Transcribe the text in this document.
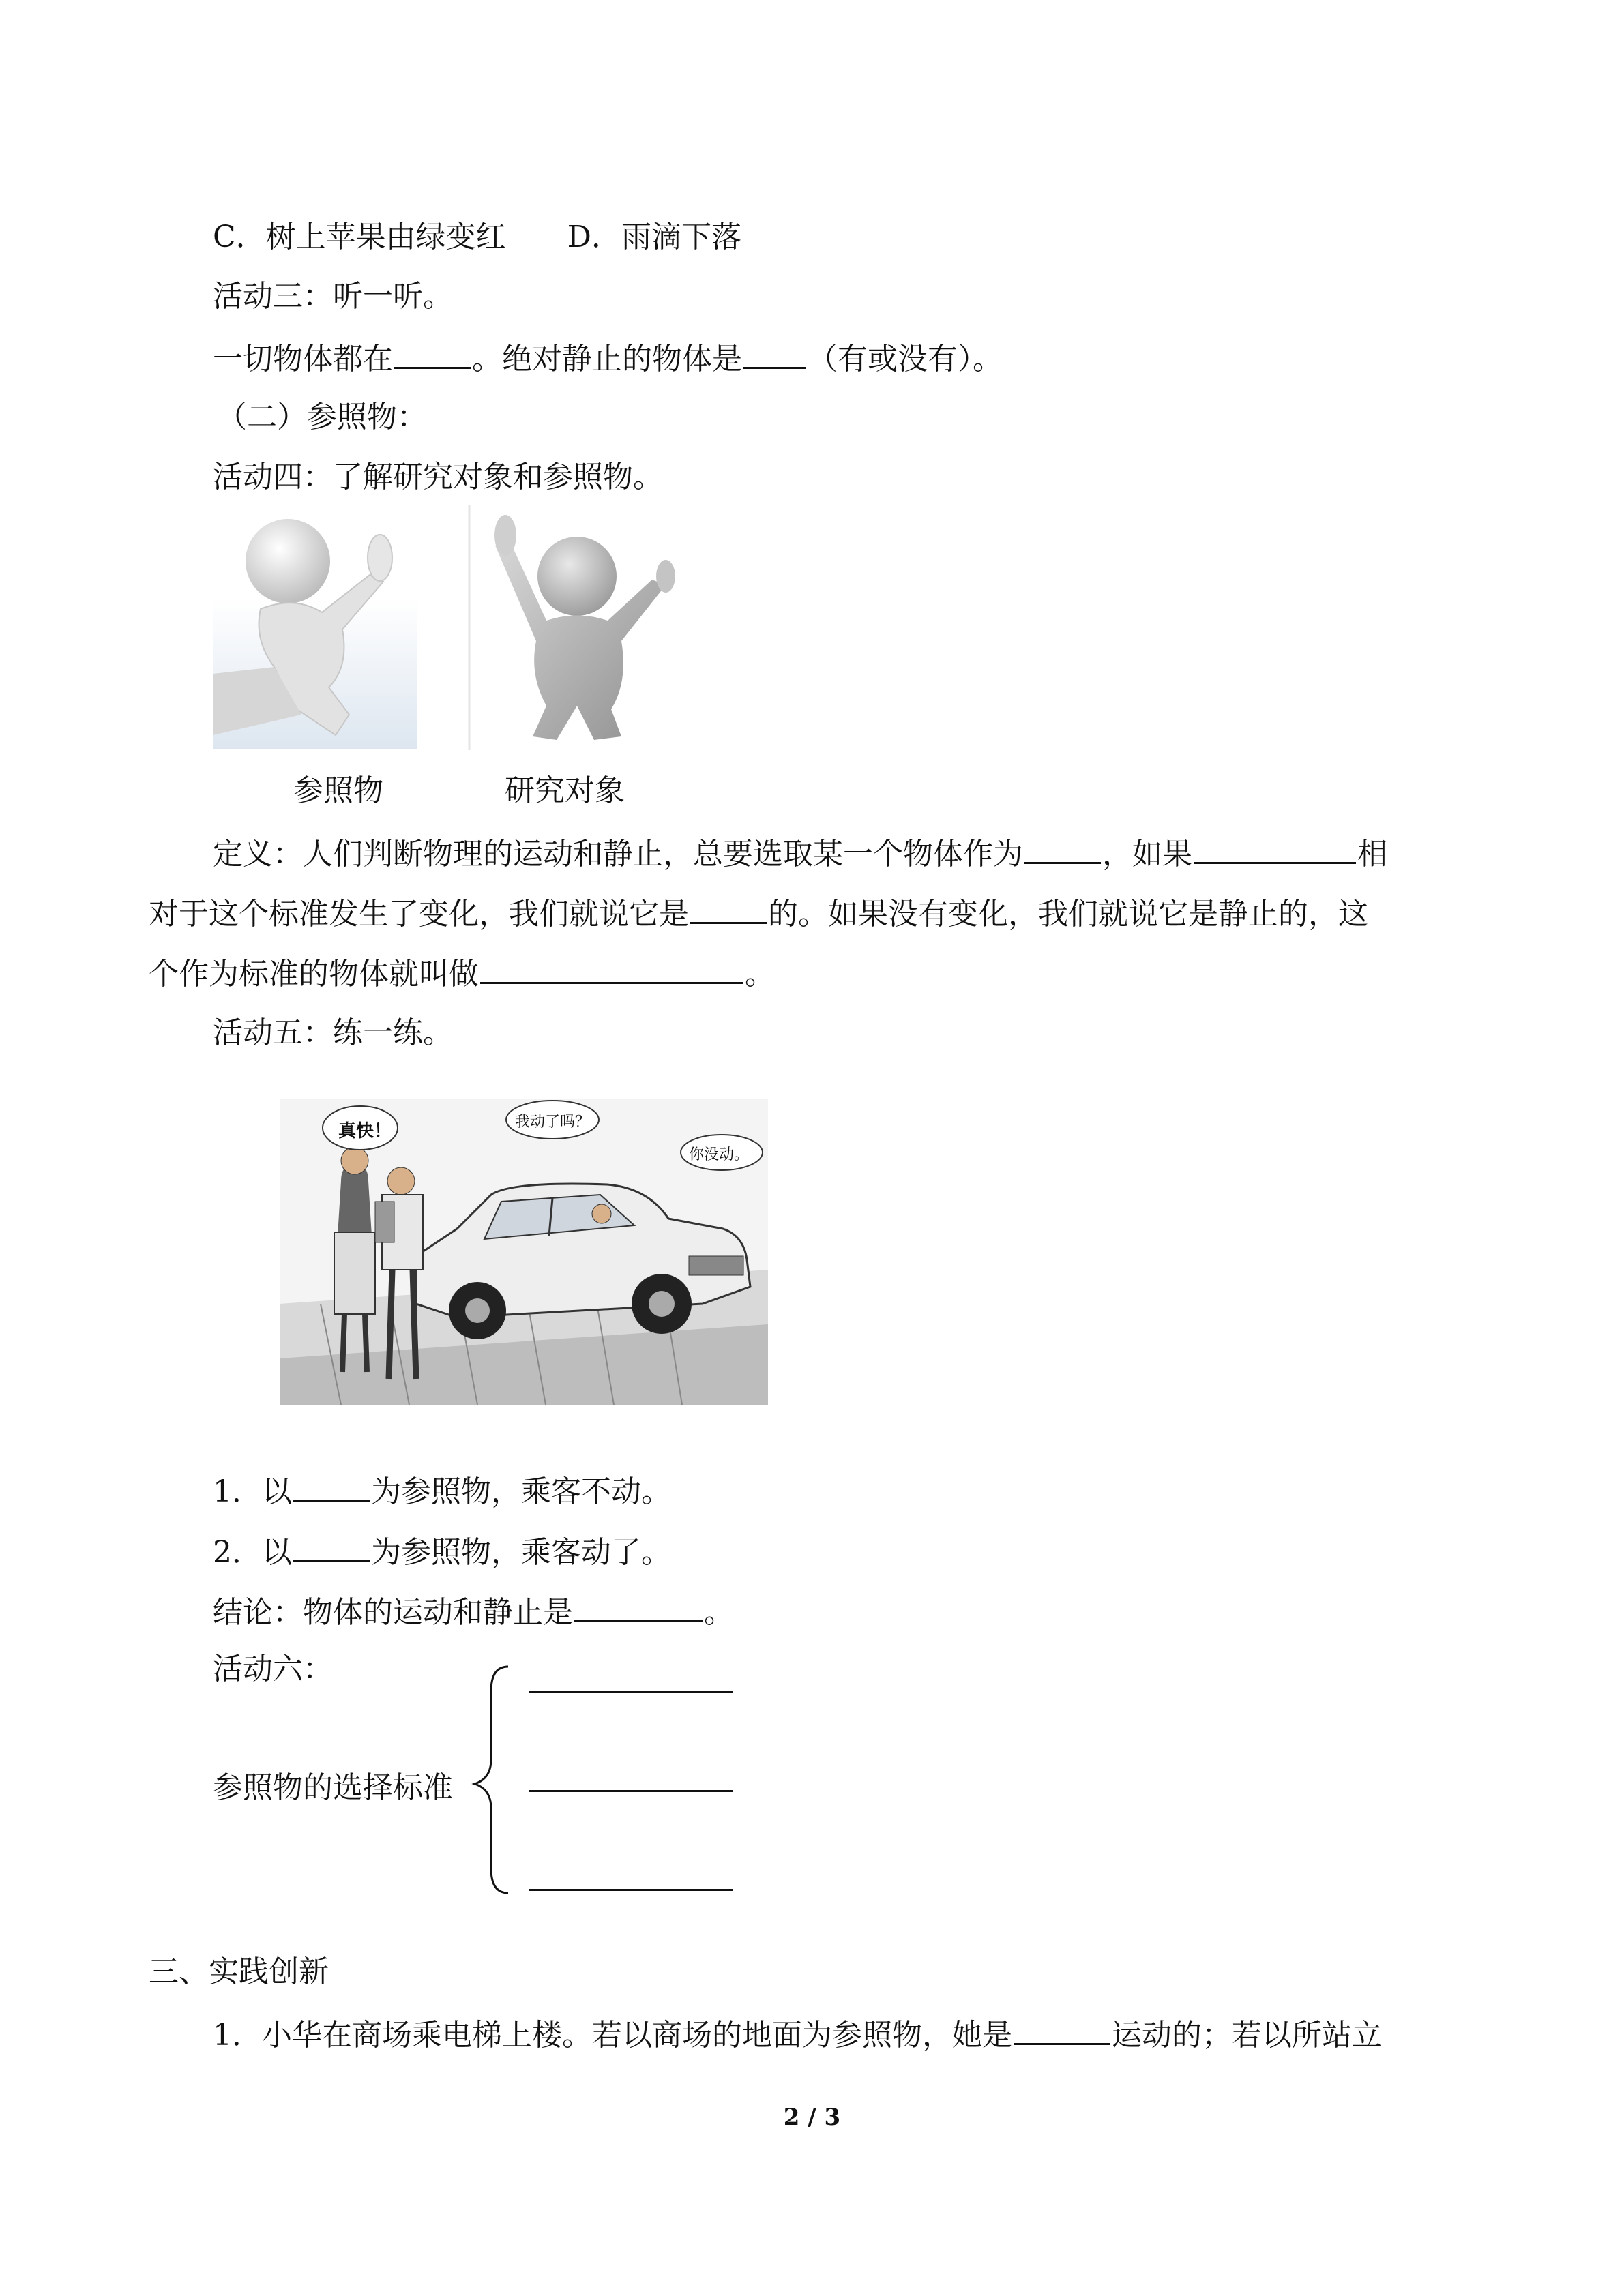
C．树上苹果由绿变红 D．雨滴下落
活动三：听一听。
一切物体都在	。绝对静止的物体是 （有或没有）。
（二）参照物：
活动四：了解研究对象和参照物。
参照物	研究对象
定义：人们判断物理的运动和静止，总要选取某一个物体作为	，如果	相
对于这个标准发生了变化，我们就说它是	的。如果没有变化，我们就说它是静止的，这
个作为标准的物体就叫做	。
活动五：练一练。
真快！	我动了吗？
你没动。
1．以	为参照物，乘客不动。
2．以	为参照物，乘客动了。
结论：物体的运动和静止是	。
活动六：
参照物的选择标准
三、实践创新
1．小华在商场乘电梯上楼。若以商场的地面为参照物，她是	运动的；若以所站立
2 / 3
